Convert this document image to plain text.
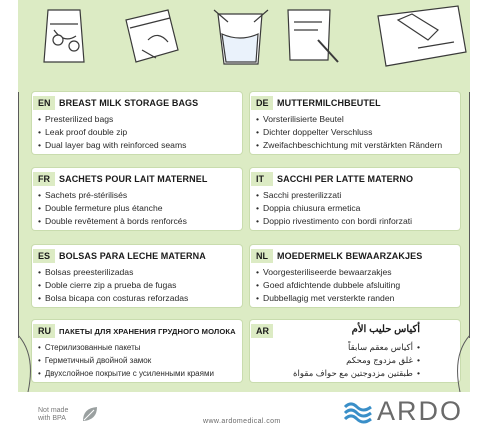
EN BREAST MILK STORAGE BAGS
• Presterilized bags
• Leak proof double zip
• Dual layer bag with reinforced seams
DE MUTTERMILCHBEUTEL
• Vorsterilisierte Beutel
• Dichter doppelter Verschluss
• Zweifachbeschichtung mit verstärkten Rändern
FR	SACHETS POUR LAIT MATERNEL
• Sachets pré-stérilisés
• Double fermeture plus étanche
• Double revêtement à bords renforcés
IT	SACCHI PER LATTE MATERNO
• Sacchi presterilizzati
• Doppia chiusura ermetica
• Doppio rivestimento con bordi rinforzati
ES BOLSAS PARA LECHE MATERNA
• Bolsas preesterilizadas
• Doble cierre zip a prueba de fugas
• Bolsa bicapa con costuras reforzadas
NL	MOEDERMELK BEWAARZAKJES
• Voorgesteriliseerde bewaarzakjes
• Goed afdichtende dubbele afsluiting
• Dubbellagig met versterkte randen
RU	ПАКЕТЫ ДЛЯ ХРАНЕНИЯ ГРУДНОГО МОЛОКА
• Стерилизованные пакеты
• Герметичный двойной замок
• Двухслойное покрытие с усиленными краями
AR	أكياس حليب الأم
• أكياس معقم سابقاً
• غلق مزدوج ومحكم
• طبقتين مزدوجتين مع حواف مقواة
Not made
with BPA	www.ardomedical.com	ARDO
